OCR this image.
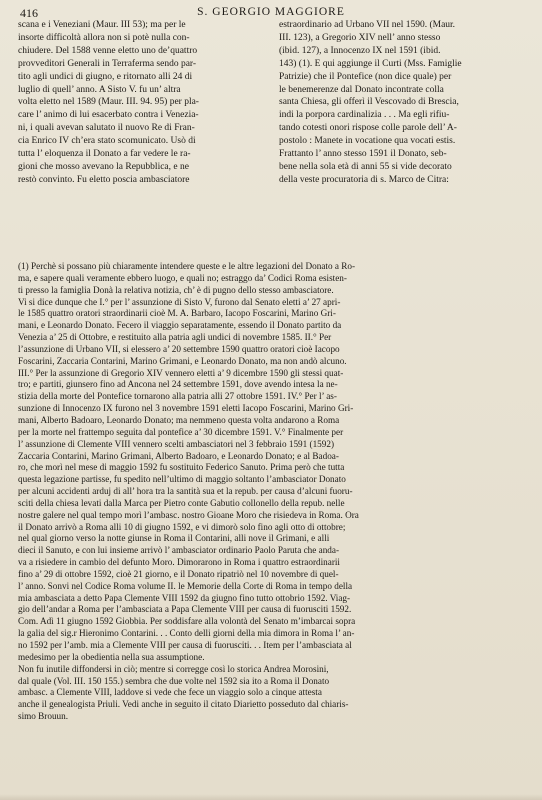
416	S. GEORGIO MAGGIORE

scana e i Veneziani (Maur. III 53); ma per le
insorte difficoltà allora non si potè nulla con-
chiudere. Del 1588 venne eletto uno de’quattro
provveditori Generali in Terraferma sendo par-
tito agli undici di giugno, e ritornato alli 24 di
luglio di quell’ anno. A Sisto V. fu un’ altra
volta eletto nel 1589 (Maur. III. 94. 95) per pla-
care l’ animo di lui esacerbato contra i Venezia-
ni, i quali avevan salutato il nuovo Re di Fran-
cia Enrico IV ch’era stato scomunicato. Usò di
tutta l’ eloquenza il Donato a far vedere le ra-
gioni che mosso avevano la Repubblica, e ne
restò convinto. Fu eletto poscia ambasciatore

estraordinario ad Urbano VII nel 1590. (Maur.
III. 123), a Gregorio XIV nell’ anno stesso
(ibid. 127), a Innocenzo IX nel 1591 (ibid.
143) (1). E qui aggiunge il Curti (Mss. Famiglie
Patrizie) che il Pontefice (non dice quale) per
le benemerenze dal Donato incontrate colla
santa Chiesa, gli offerì il Vescovado di Brescia,
indi la porpora cardinalizia . . . Ma egli rifiu-
tando cotesti onori rispose colle parole dell’ A-
postolo : Manete in vocatione qua vocati estis.
Frattanto l’ anno stesso 1591 il Donato, seb-
bene nella sola età di anni 55 si vide decorato
della veste procuratoria di s. Marco de Citra:

(1) Perchè si possano più chiaramente intendere queste e le altre legazioni del Donato a Ro-
ma, e sapere quali veramente ebbero luogo, e quali no; estraggo da’ Codici Roma esisten-
ti presso la famiglia Donà la relativa notizia, ch’ è di pugno dello stesso ambasciatore.
Vi si dice dunque che I.° per l’ assunzione di Sisto V, furono dal Senato eletti a’ 27 apri-
le 1585 quattro oratori straordinarii cioè M. A. Barbaro, Iacopo Foscarini, Marino Gri-
mani, e Leonardo Donato. Fecero il viaggio separatamente, essendo il Donato partito da
Venezia a’ 25 di Ottobre, e restituito alla patria agli undici di novembre 1585. II.° Per
l’assunzione di Urbano VII, si elessero a’ 20 settembre 1590 quattro oratori cioè Iacopo
Foscarini, Zaccaria Contarini, Marino Grimani, e Leonardo Donato, ma non andò alcuno.
III.° Per la assunzione di Gregorio XIV vennero eletti a’ 9 dicembre 1590 gli stessi quat-
tro; e partiti, giunsero fino ad Ancona nel 24 settembre 1591, dove avendo intesa la ne-
stizia della morte del Pontefice tornarono alla patria alli 27 ottobre 1591. IV.° Per l’ as-
sunzione di Innocenzo IX furono nel 3 novembre 1591 eletti Iacopo Foscarini, Marino Gri-
mani, Alberto Badoaro, Leonardo Donato; ma nemmeno questa volta andarono a Roma
per la morte nel frattempo seguita dal pontefice a’ 30 dicembre 1591. V.° Finalmente per
l’ assunzione di Clemente VIII vennero scelti ambasciatori nel 3 febbraio 1591 (1592)
Zaccaria Contarini, Marino Grimani, Alberto Badoaro, e Leonardo Donato; e al Badoa-
ro, che morì nel mese di maggio 1592 fu sostituito Federico Sanuto. Prima però che tutta
questa legazione partisse, fu spedito nell’ultimo di maggio soltanto l’ambasciator Donato
per alcuni accidenti arduj di all’ hora tra la santità sua et la repub. per causa d’alcuni fuoru-
sciti della chiesa levati dalla Marca per Pietro conte Gabutio collonello della repub. nelle
nostre galere nel qual tempo morì l’ambasc. nostro Gioane Moro che risiedeva in Roma. Ora
il Donato arrivò a Roma alli 10 di giugno 1592, e vi dimorò solo fino agli otto di ottobre;
nel qual giorno verso la notte giunse in Roma il Contarini, alli nove il Grimani, e alli
dieci il Sanuto, e con lui insieme arrivò l’ ambasciator ordinario Paolo Paruta che anda-
va a risiedere in cambio del defunto Moro. Dimorarono in Roma i quattro estraordinarii
fino a’ 29 di ottobre 1592, cioè 21 giorno, e il Donato ripatriò nel 10 novembre di quel-
l’ anno. Sonvi nel Codice Roma volume II. le Memorie della Corte di Roma in tempo della
mia ambasciata a detto Papa Clemente VIII 1592 da giugno fino tutto ottobrio 1592. Viag-
gio dell’andar a Roma per l’ambasciata a Papa Clemente VIII per causa di fuorusciti 1592.
Com. Adì 11 giugno 1592 Giobbia. Per soddisfare alla volontà del Senato m’imbarcai sopra
la galia del sig.r Hieronimo Contarini. . . Conto delli giorni della mia dimora in Roma l’ an-
no 1592 per l’amb. mia a Clemente VIII per causa di fuorusciti. . . Item per l’ambasciata al
medesimo per la obedientia nella sua assumptione.

Non fu inutile diffondersi in ciò; mentre si corregge così lo storica Andrea Morosini,
dal quale (Vol. III. 150 155.) sembra che due volte nel 1592 sia ito a Roma il Donato
ambasc. a Clemente VIII, laddove si vede che fece un viaggio solo a cinque attesta
anche il genealogista Priuli. Vedi anche in seguito il citato Diarietto posseduto dal chiaris-
simo Brouun.
